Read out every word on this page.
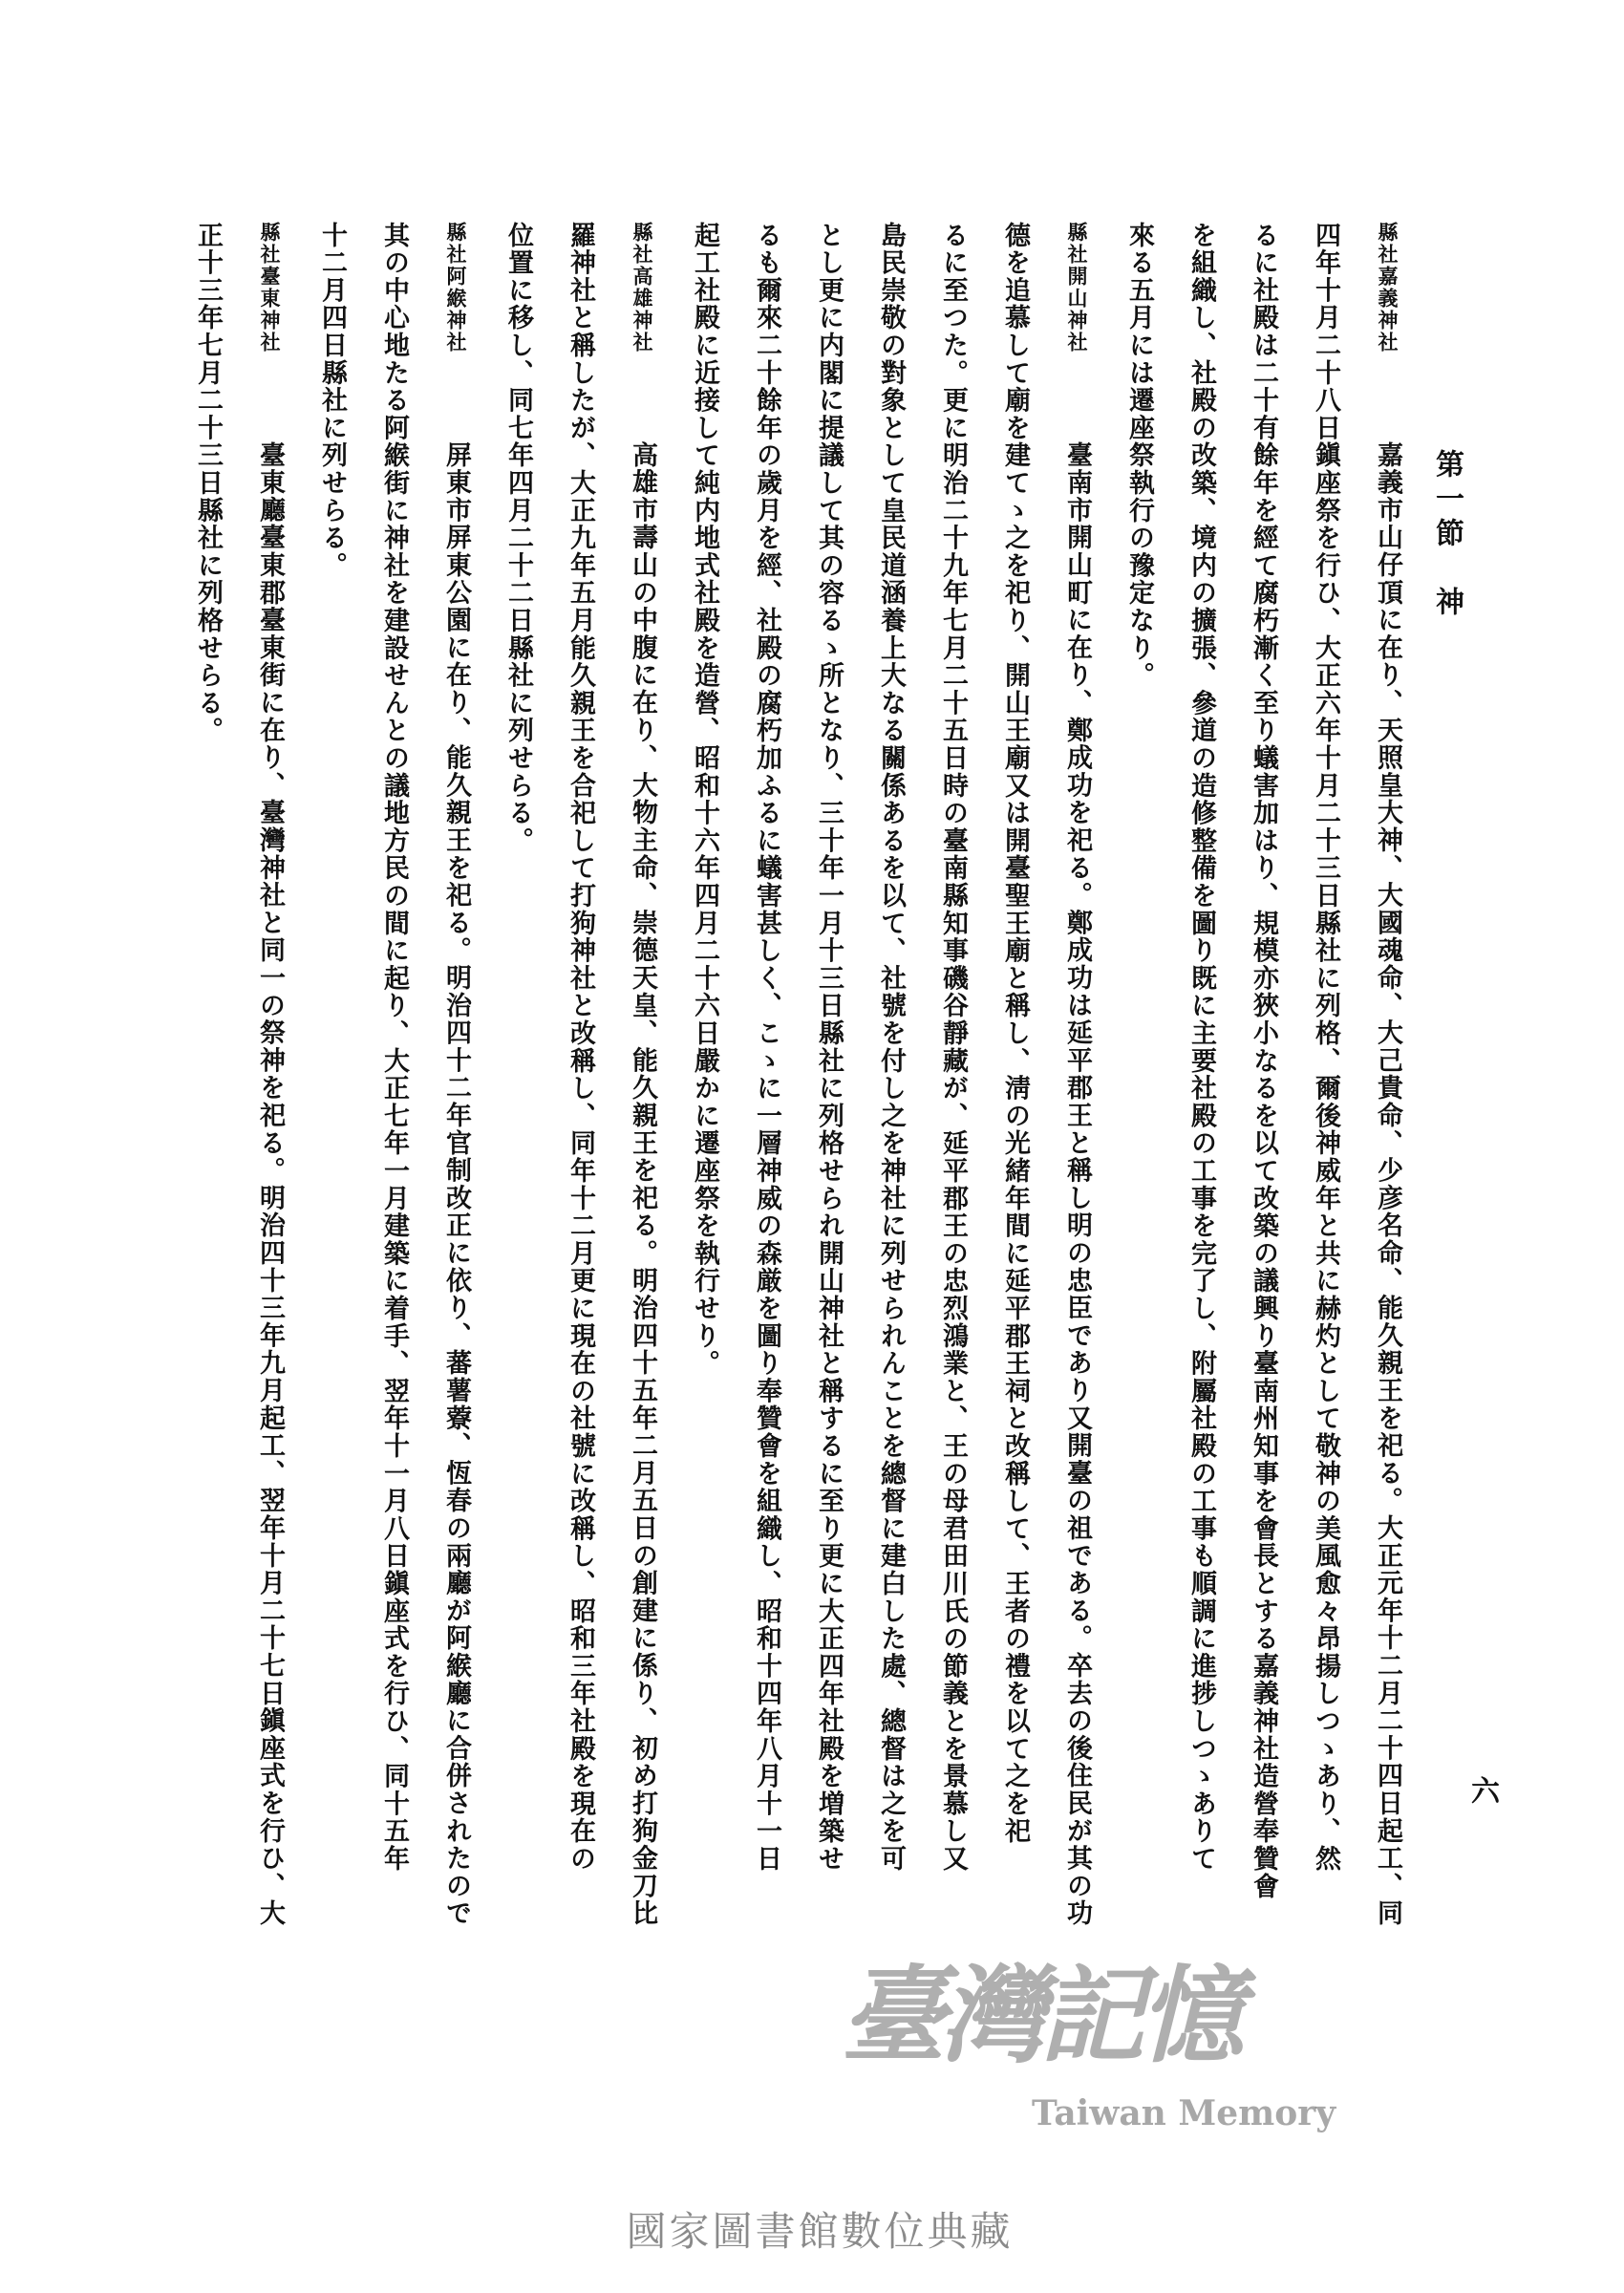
第一節　神
六
縣社嘉義神社嘉義市山仔頂に在り、天照皇大神、大國魂命、大己貴命、少彦名命、能久親王を祀る。大正元年十二月二十四日起工、同
四年十月二十八日鎭座祭を行ひ、大正六年十月二十三日縣社に列格、爾後神威年と共に赫灼として敬神の美風愈々昂揚しつゝあり、然
るに社殿は二十有餘年を經て腐朽漸く至り蟻害加はり、規模亦狹小なるを以て改築の議興り臺南州知事を會長とする嘉義神社造營奉贊會
を組織し、社殿の改築、境内の擴張、參道の造修整備を圖り既に主要社殿の工事を完了し、附屬社殿の工事も順調に進捗しつゝありて
來る五月には遷座祭執行の豫定なり。
縣社開山神社臺南市開山町に在り、鄭成功を祀る。鄭成功は延平郡王と稱し明の忠臣であり又開臺の祖である。卒去の後住民が其の功
德を追慕して廟を建てゝ之を祀り、開山王廟又は開臺聖王廟と稱し、淸の光緒年間に延平郡王祠と改稱して、王者の禮を以て之を祀
るに至つた。更に明治二十九年七月二十五日時の臺南縣知事磯谷靜藏が、延平郡王の忠烈鴻業と、王の母君田川氏の節義とを景慕し又
島民崇敬の對象として皇民道涵養上大なる關係あるを以て、社號を付し之を神社に列せられんことを總督に建白した處、總督は之を可
とし更に内閣に提議して其の容るゝ所となり、三十年一月十三日縣社に列格せられ開山神社と稱するに至り更に大正四年社殿を増築せ
るも爾來二十餘年の歲月を經、社殿の腐朽加ふるに蟻害甚しく、こゝに一層神威の森厳を圖り奉贊會を組織し、昭和十四年八月十一日
起工社殿に近接して純内地式社殿を造營、昭和十六年四月二十六日嚴かに遷座祭を執行せり。
縣社高雄神社高雄市壽山の中腹に在り、大物主命、崇德天皇、能久親王を祀る。明治四十五年二月五日の創建に係り、初め打狗金刀比
羅神社と稱したが、大正九年五月能久親王を合祀して打狗神社と改稱し、同年十二月更に現在の社號に改稱し、昭和三年社殿を現在の
位置に移し、同七年四月二十二日縣社に列せらる。
縣社阿緱神社屏東市屏東公園に在り、能久親王を祀る。明治四十二年官制改正に依り、蕃薯藔、恆春の兩廳が阿緱廳に合併されたので
其の中心地たる阿緱街に神社を建設せんとの議地方民の間に起り、大正七年一月建築に着手、翌年十一月八日鎭座式を行ひ、同十五年
十二月四日縣社に列せらる。
縣社臺東神社臺東廳臺東郡臺東街に在り、臺灣神社と同一の祭神を祀る。明治四十三年九月起工、翌年十月二十七日鎭座式を行ひ、大
正十三年七月二十三日縣社に列格せらる。
臺灣記憶
Taiwan Memory
國家圖書館數位典藏
